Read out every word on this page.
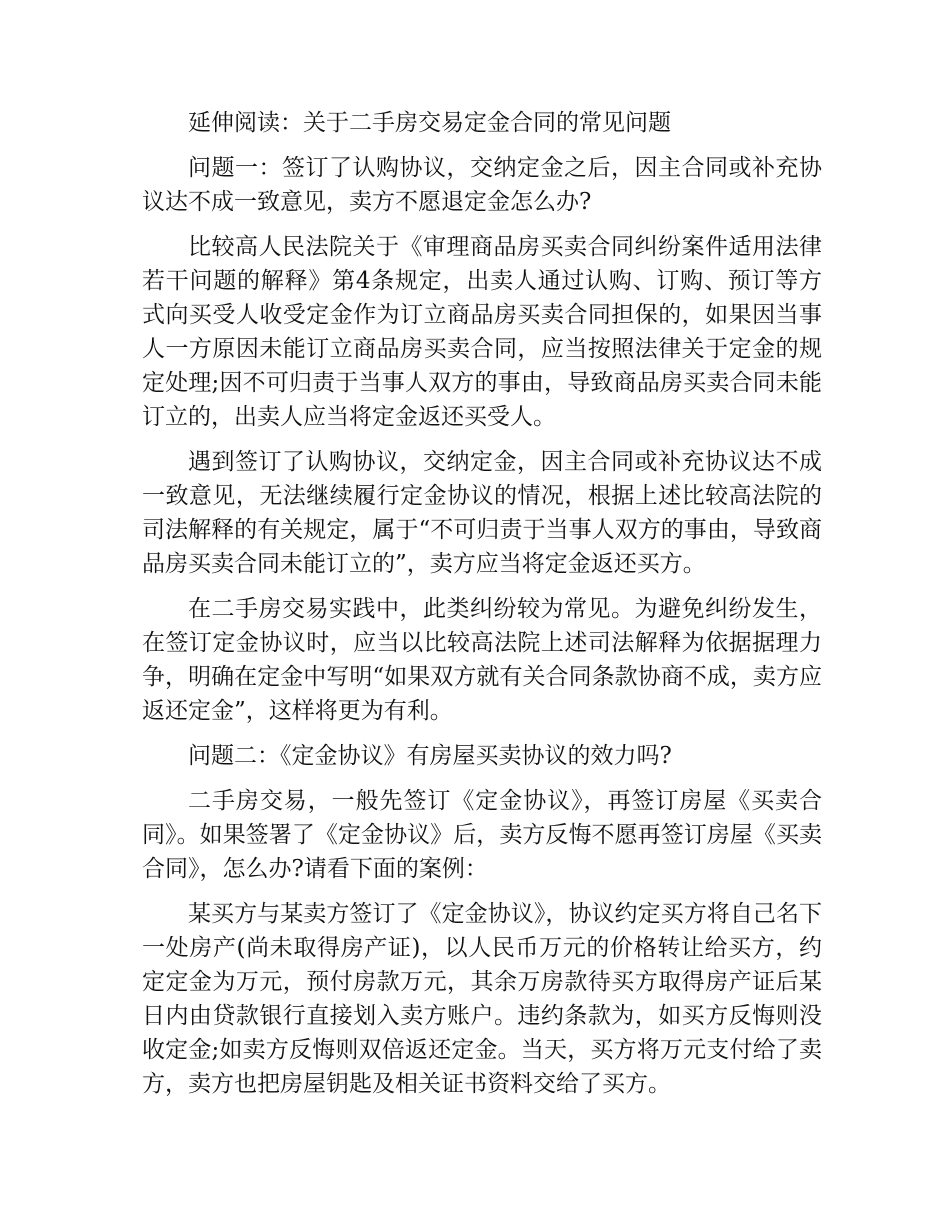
延伸阅读：关于二手房交易定金合同的常见问题

问题一：签订了认购协议，交纳定金之后，因主合同或补充协议达不成一致意见，卖方不愿退定金怎么办?

比较高人民法院关于《审理商品房买卖合同纠纷案件适用法律若干问题的解释》第4条规定，出卖人通过认购、订购、预订等方式向买受人收受定金作为订立商品房买卖合同担保的，如果因当事人一方原因未能订立商品房买卖合同，应当按照法律关于定金的规定处理;因不可归责于当事人双方的事由，导致商品房买卖合同未能订立的，出卖人应当将定金返还买受人。

遇到签订了认购协议，交纳定金，因主合同或补充协议达不成一致意见，无法继续履行定金协议的情况，根据上述比较高法院的司法解释的有关规定，属于“不可归责于当事人双方的事由，导致商品房买卖合同未能订立的”，卖方应当将定金返还买方。

在二手房交易实践中，此类纠纷较为常见。为避免纠纷发生，在签订定金协议时，应当以比较高法院上述司法解释为依据据理力争，明确在定金中写明“如果双方就有关合同条款协商不成，卖方应返还定金”，这样将更为有利。

问题二：《定金协议》有房屋买卖协议的效力吗?

二手房交易，一般先签订《定金协议》，再签订房屋《买卖合同》。如果签署了《定金协议》后，卖方反悔不愿再签订房屋《买卖合同》，怎么办?请看下面的案例：

某买方与某卖方签订了《定金协议》，协议约定买方将自己名下一处房产(尚未取得房产证)，以人民币万元的价格转让给买方，约定定金为万元，预付房款万元，其余万房款待买方取得房产证后某日内由贷款银行直接划入卖方账户。违约条款为，如买方反悔则没收定金;如卖方反悔则双倍返还定金。当天，买方将万元支付给了卖方，卖方也把房屋钥匙及相关证书资料交给了买方。
